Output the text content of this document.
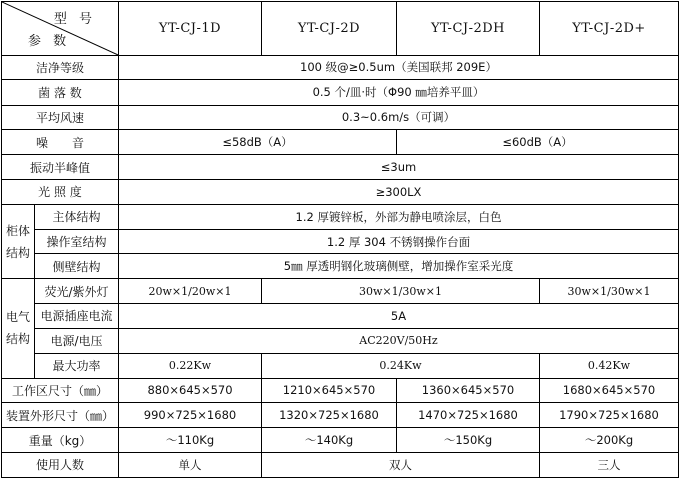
型 号
参 数		YT-CJ-1D	YT-CJ-2D	YT-CJ-2DH	YT-CJ-2D+
洁净等级		100 级@≥0.5um（美国联邦 209E）			
菌 落 数		0.5 个/皿·时（Φ90 ㎜培养平皿）			
平均风速		0.3~0.6m/s（可调）			
噪　　音		≤58dB（A）		≤60dB（A）	
振动半峰值		≤3um			
光 照 度		≥300LX			
柜体结构	主体结构	1.2 厚镀锌板，外部为静电喷涂层，白色			
	操作室结构	1.2 厚 304 不锈钢操作台面			
	侧壁结构	5㎜ 厚透明钢化玻璃侧壁，增加操作室采光度			
电气结构	荧光/紫外灯	20w×1/20w×1	30w×1/30w×1		30w×1/30w×1
	电源插座电流	5A			
	电源/电压	AC220V/50Hz			
	最大功率	0.22Kw	0.24Kw		0.42Kw
工作区尺寸（㎜）		880×645×570	1210×645×570	1360×645×570	1680×645×570
装置外形尺寸（㎜）		990×725×1680	1320×725×1680	1470×725×1680	1790×725×1680
重量（kg）		～110Kg	～140Kg	～150Kg	～200Kg
使用人数		单人	双人		三人
